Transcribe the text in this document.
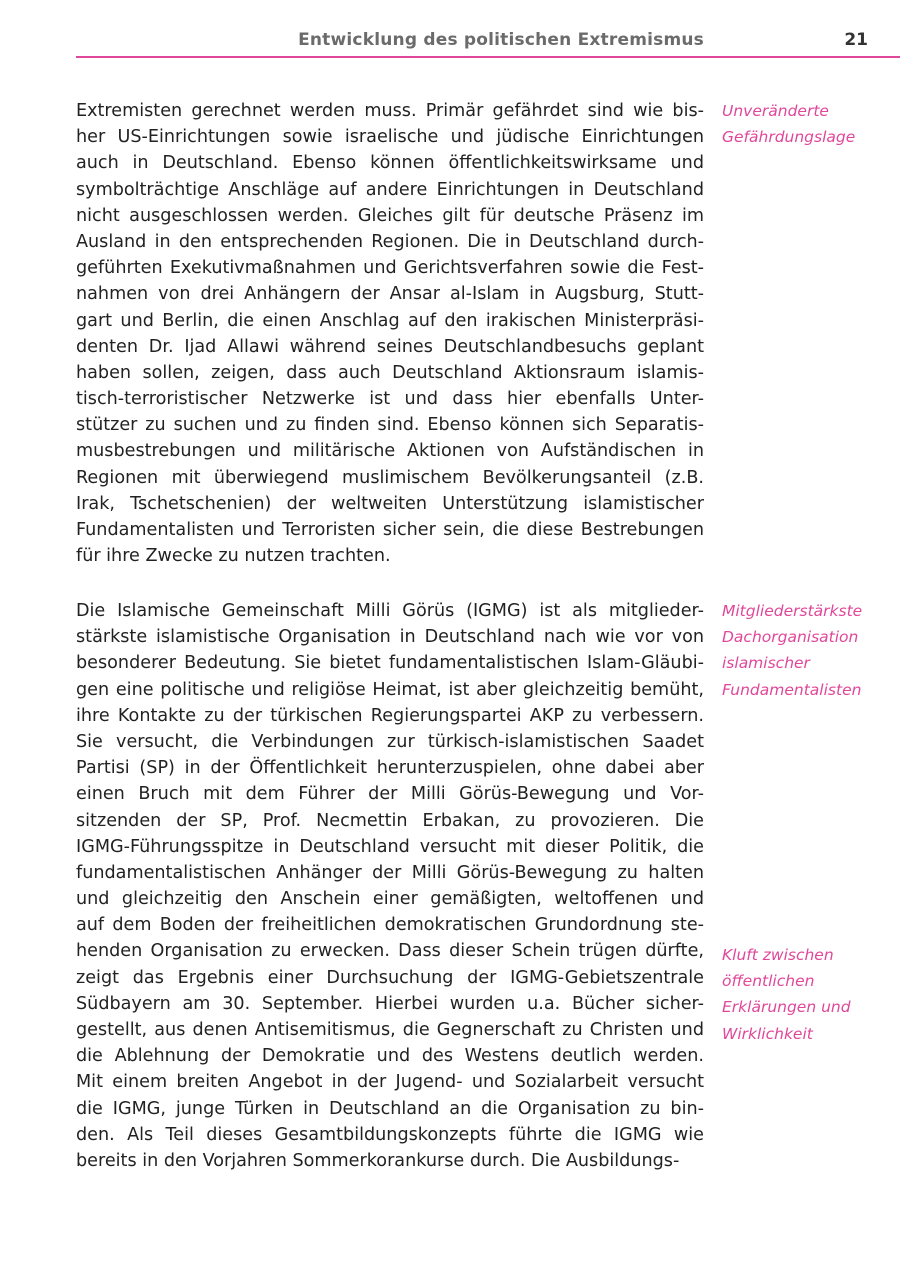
Entwicklung des politischen Extremismus	21
Extremisten gerechnet werden muss. Primär gefährdet sind wie bis-
her US-Einrichtungen sowie israelische und jüdische Einrichtungen
auch in Deutschland. Ebenso können öffentlichkeitswirksame und
symbolträchtige Anschläge auf andere Einrichtungen in Deutschland
nicht ausgeschlossen werden. Gleiches gilt für deutsche Präsenz im
Ausland in den entsprechenden Regionen. Die in Deutschland durch-
geführten Exekutivmaßnahmen und Gerichtsverfahren sowie die Fest-
nahmen von drei Anhängern der Ansar al-Islam in Augsburg, Stutt-
gart und Berlin, die einen Anschlag auf den irakischen Ministerpräsi-
denten Dr. Ijad Allawi während seines Deutschlandbesuchs geplant
haben sollen, zeigen, dass auch Deutschland Aktionsraum islamis-
tisch-terroristischer Netzwerke ist und dass hier ebenfalls Unter-
stützer zu suchen und zu finden sind. Ebenso können sich Separatis-
musbestrebungen und militärische Aktionen von Aufständischen in
Regionen mit überwiegend muslimischem Bevölkerungsanteil (z.B.
Irak, Tschetschenien) der weltweiten Unterstützung islamistischer
Fundamentalisten und Terroristen sicher sein, die diese Bestrebungen
für ihre Zwecke zu nutzen trachten.
Die Islamische Gemeinschaft Milli Görüs (IGMG) ist als mitglieder-
stärkste islamistische Organisation in Deutschland nach wie vor von
besonderer Bedeutung. Sie bietet fundamentalistischen Islam-Gläubi-
gen eine politische und religiöse Heimat, ist aber gleichzeitig bemüht,
ihre Kontakte zu der türkischen Regierungspartei AKP zu verbessern.
Sie versucht, die Verbindungen zur türkisch-islamistischen Saadet
Partisi (SP) in der Öffentlichkeit herunterzuspielen, ohne dabei aber
einen Bruch mit dem Führer der Milli Görüs-Bewegung und Vor-
sitzenden der SP, Prof. Necmettin Erbakan, zu provozieren. Die
IGMG-Führungsspitze in Deutschland versucht mit dieser Politik, die
fundamentalistischen Anhänger der Milli Görüs-Bewegung zu halten
und gleichzeitig den Anschein einer gemäßigten, weltoffenen und
auf dem Boden der freiheitlichen demokratischen Grundordnung ste-
henden Organisation zu erwecken. Dass dieser Schein trügen dürfte,
zeigt das Ergebnis einer Durchsuchung der IGMG-Gebietszentrale
Südbayern am 30. September. Hierbei wurden u.a. Bücher sicher-
gestellt, aus denen Antisemitismus, die Gegnerschaft zu Christen und
die Ablehnung der Demokratie und des Westens deutlich werden.
Mit einem breiten Angebot in der Jugend- und Sozialarbeit versucht
die IGMG, junge Türken in Deutschland an die Organisation zu bin-
den. Als Teil dieses Gesamtbildungskonzepts führte die IGMG wie
bereits in den Vorjahren Sommerkorankurse durch. Die Ausbildungs-
Unveränderte
Gefährdungslage
Mitgliederstärkste
Dachorganisation
islamischer
Fundamentalisten
Kluft zwischen
öffentlichen
Erklärungen und
Wirklichkeit
